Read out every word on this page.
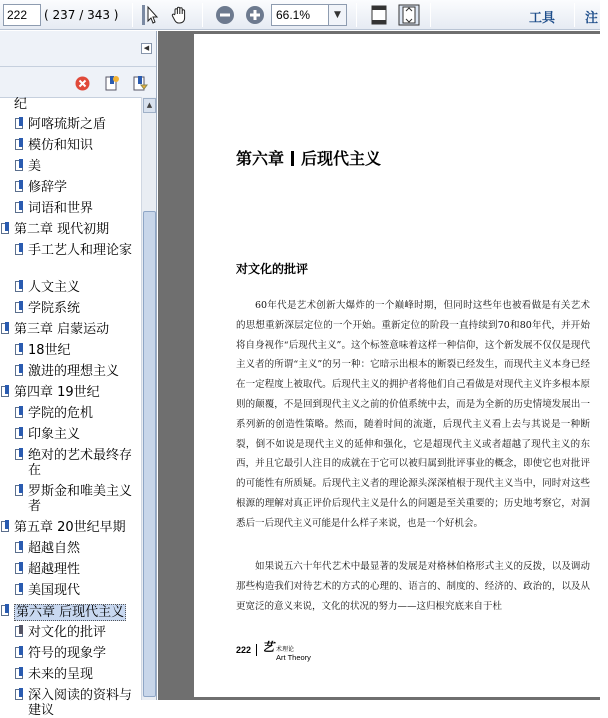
222
( 237 / 343 )
66.1%	▼	工具 注
◀
纪
阿喀琉斯之盾
模仿和知识
美
修辞学
词语和世界
第二章 现代初期
手工艺人和理论家
人文主义
学院系统
第三章 启蒙运动
18世纪
激进的理想主义
第四章 19世纪
学院的危机
印象主义
绝对的艺术最终存在
罗斯金和唯美主义者
第五章 20世纪早期
超越自然
超越理性
美国现代
第六章 后现代主义
对文化的批评
符号的现象学
未来的呈现
深入阅读的资料与建议
▲
第六章 后现代主义
对文化的批评
60年代是艺术创新大爆炸的一个巅峰时期，但同时这些年也被看做是有关艺术的思想重新深层定位的一个开始。重新定位的阶段一直持续到70和80年代，并开始将自身视作“后现代主义”。这个标签意味着这样一种信仰，这个新发展不仅仅是现代主义者的所谓“主义”的另一种：它暗示出根本的断裂已经发生，而现代主义本身已经在一定程度上被取代。后现代主义的拥护者将他们自己看做是对现代主义许多根本原则的颠覆，不是回到现代主义之前的价值系统中去，而是为全新的历史情境发展出一系列新的创造性策略。然而，随着时间的流逝，后现代主义看上去与其说是一种断裂，倒不如说是现代主义的延伸和强化，它是超现代主义或者超越了现代主义的东西，并且它最引人注目的成就在于它可以被归属到批评事业的概念，即使它也对批评的可能性有所质疑。后现代主义者的理论源头深深植根于现代主义当中，同时对这些根源的理解对真正评价后现代主义是什么的问题是至关重要的；历史地考察它，对洞悉后一后现代主义可能是什么样子来说，也是一个好机会。
如果说五六十年代艺术中最显著的发展是对格林伯格形式主义的反拨，以及调动那些构造我们对待艺术的方式的心理的、语言的、制度的、经济的、政治的，以及从更宽泛的意义来说，文化的状况的努力——这归根究底来自于杜
222 艺 术理论
Art Theory
